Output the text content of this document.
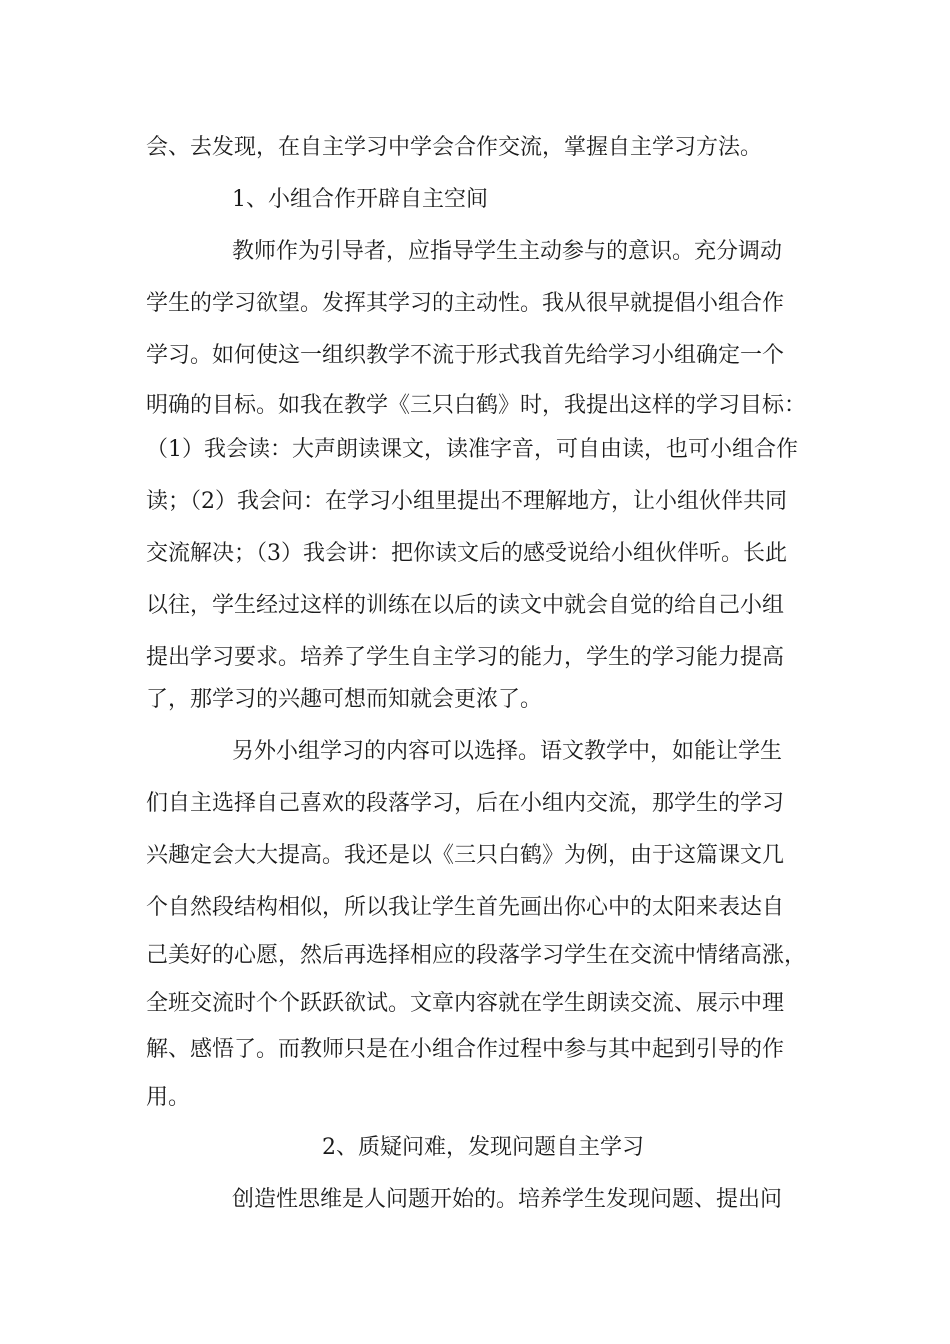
会、去发现，在自主学习中学会合作交流，掌握自主学习方法。

1、小组合作开辟自主空间

教师作为引导者，应指导学生主动参与的意识。充分调动

学生的学习欲望。发挥其学习的主动性。我从很早就提倡小组合作

学习。如何使这一组织教学不流于形式我首先给学习小组确定一个

明确的目标。如我在教学《三只白鹤》时，我提出这样的学习目标：

（1）我会读：大声朗读课文，读准字音，可自由读，也可小组合作

读；（2）我会问：在学习小组里提出不理解地方，让小组伙伴共同

交流解决；（3）我会讲：把你读文后的感受说给小组伙伴听。长此

以往，学生经过这样的训练在以后的读文中就会自觉的给自己小组

提出学习要求。培养了学生自主学习的能力，学生的学习能力提高

了，那学习的兴趣可想而知就会更浓了。

另外小组学习的内容可以选择。语文教学中，如能让学生

们自主选择自己喜欢的段落学习，后在小组内交流，那学生的学习

兴趣定会大大提高。我还是以《三只白鹤》为例，由于这篇课文几

个自然段结构相似，所以我让学生首先画出你心中的太阳来表达自

己美好的心愿，然后再选择相应的段落学习学生在交流中情绪高涨，

全班交流时个个跃跃欲试。文章内容就在学生朗读交流、展示中理

解、感悟了。而教师只是在小组合作过程中参与其中起到引导的作

用。

2、质疑问难，发现问题自主学习

创造性思维是人问题开始的。培养学生发现问题、提出问
